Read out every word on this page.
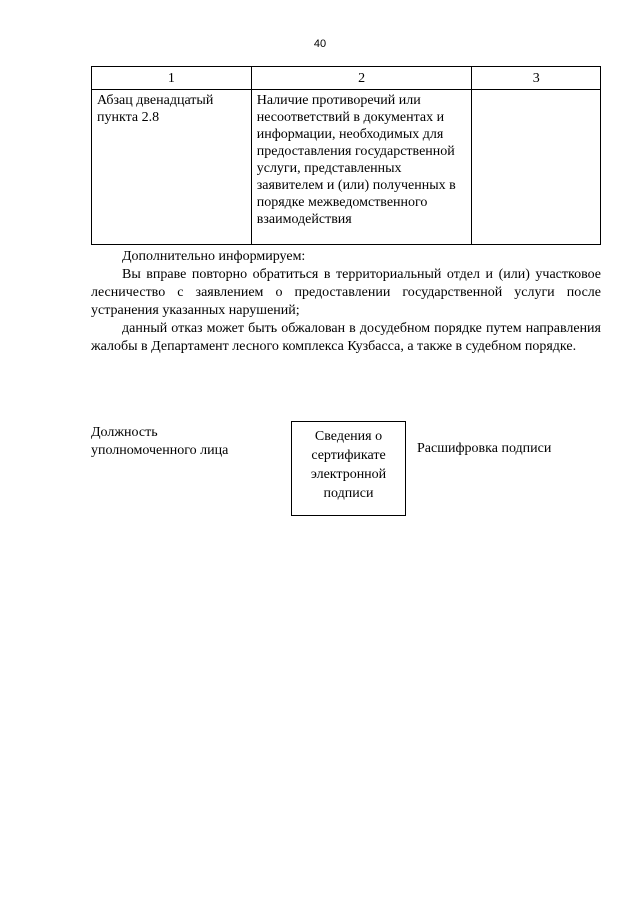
40
1	2	3
Абзац двенадцатый пункта 2.8	Наличие противоречий или несоответствий в документах и информации, необходимых для предоставления государственной услуги, представленных заявителем и (или) полученных в порядке межведомственного взаимодействия	

Дополнительно информируем:

Вы вправе повторно обратиться в территориальный отдел и (или) участковое лесничество с заявлением о предоставлении государственной услуги после устранения указанных нарушений;

данный отказ может быть обжалован в досудебном порядке путем направления жалобы в Департамент лесного комплекса Кузбасса, а также в судебном порядке.

Должность
уполномоченного лица
Сведения о
сертификате
электронной
подписи
Расшифровка подписи
